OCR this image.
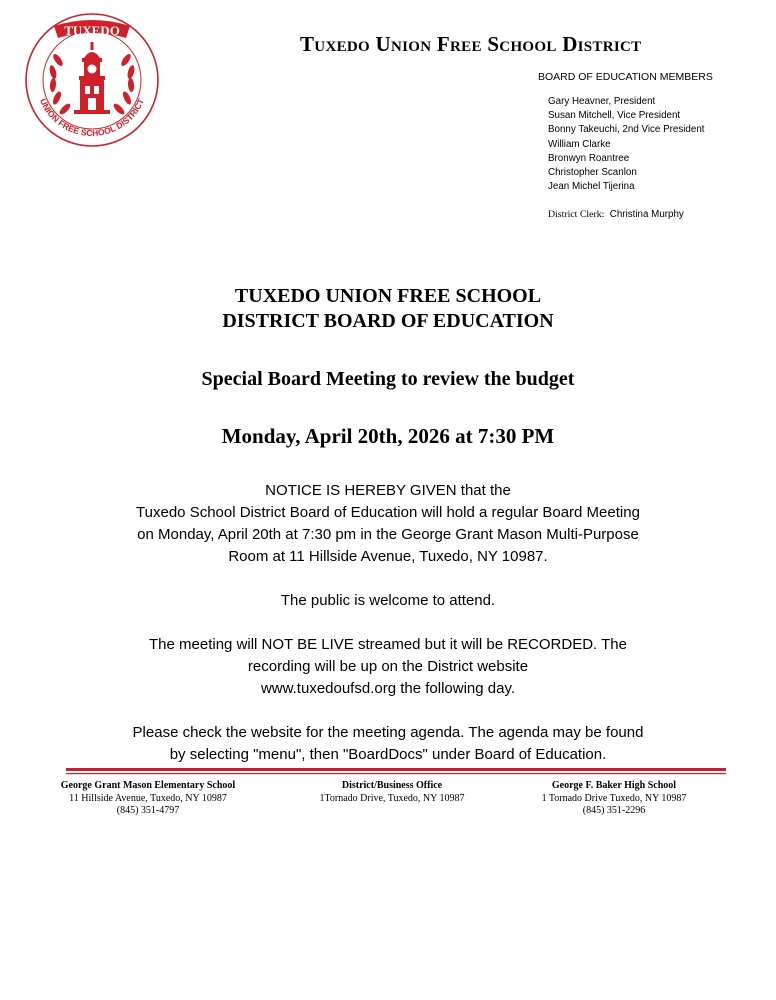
TUXEDO
UNION FREE SCHOOL DISTRICT
Tuxedo Union Free School District
BOARD OF EDUCATION MEMBERS
Gary Heavner, President
Susan Mitchell, Vice President
Bonny Takeuchi, 2nd Vice President
William Clarke
Bronwyn Roantree
Christopher Scanlon
Jean Michel Tijerina
District Clerk: Christina Murphy
TUXEDO UNION FREE SCHOOL
DISTRICT BOARD OF EDUCATION
Special Board Meeting to review the budget
Monday, April 20th, 2026 at 7:30 PM
NOTICE IS HEREBY GIVEN that the
Tuxedo School District Board of Education will hold a regular Board Meeting
on Monday, April 20th at 7:30 pm in the George Grant Mason Multi-Purpose
Room at 11 Hillside Avenue, Tuxedo, NY 10987.
The public is welcome to attend.
The meeting will NOT BE LIVE streamed but it will be RECORDED. The
recording will be up on the District website
www.tuxedoufsd.org the following day.
Please check the website for the meeting agenda. The agenda may be found
by selecting "menu", then "BoardDocs" under Board of Education.
George Grant Mason Elementary School
11 Hillside Avenue, Tuxedo, NY 10987
(845) 351-4797
District/Business Office
1Tornado Drive, Tuxedo, NY 10987
George F. Baker High School
1 Tornado Drive Tuxedo, NY 10987
(845) 351-2296
